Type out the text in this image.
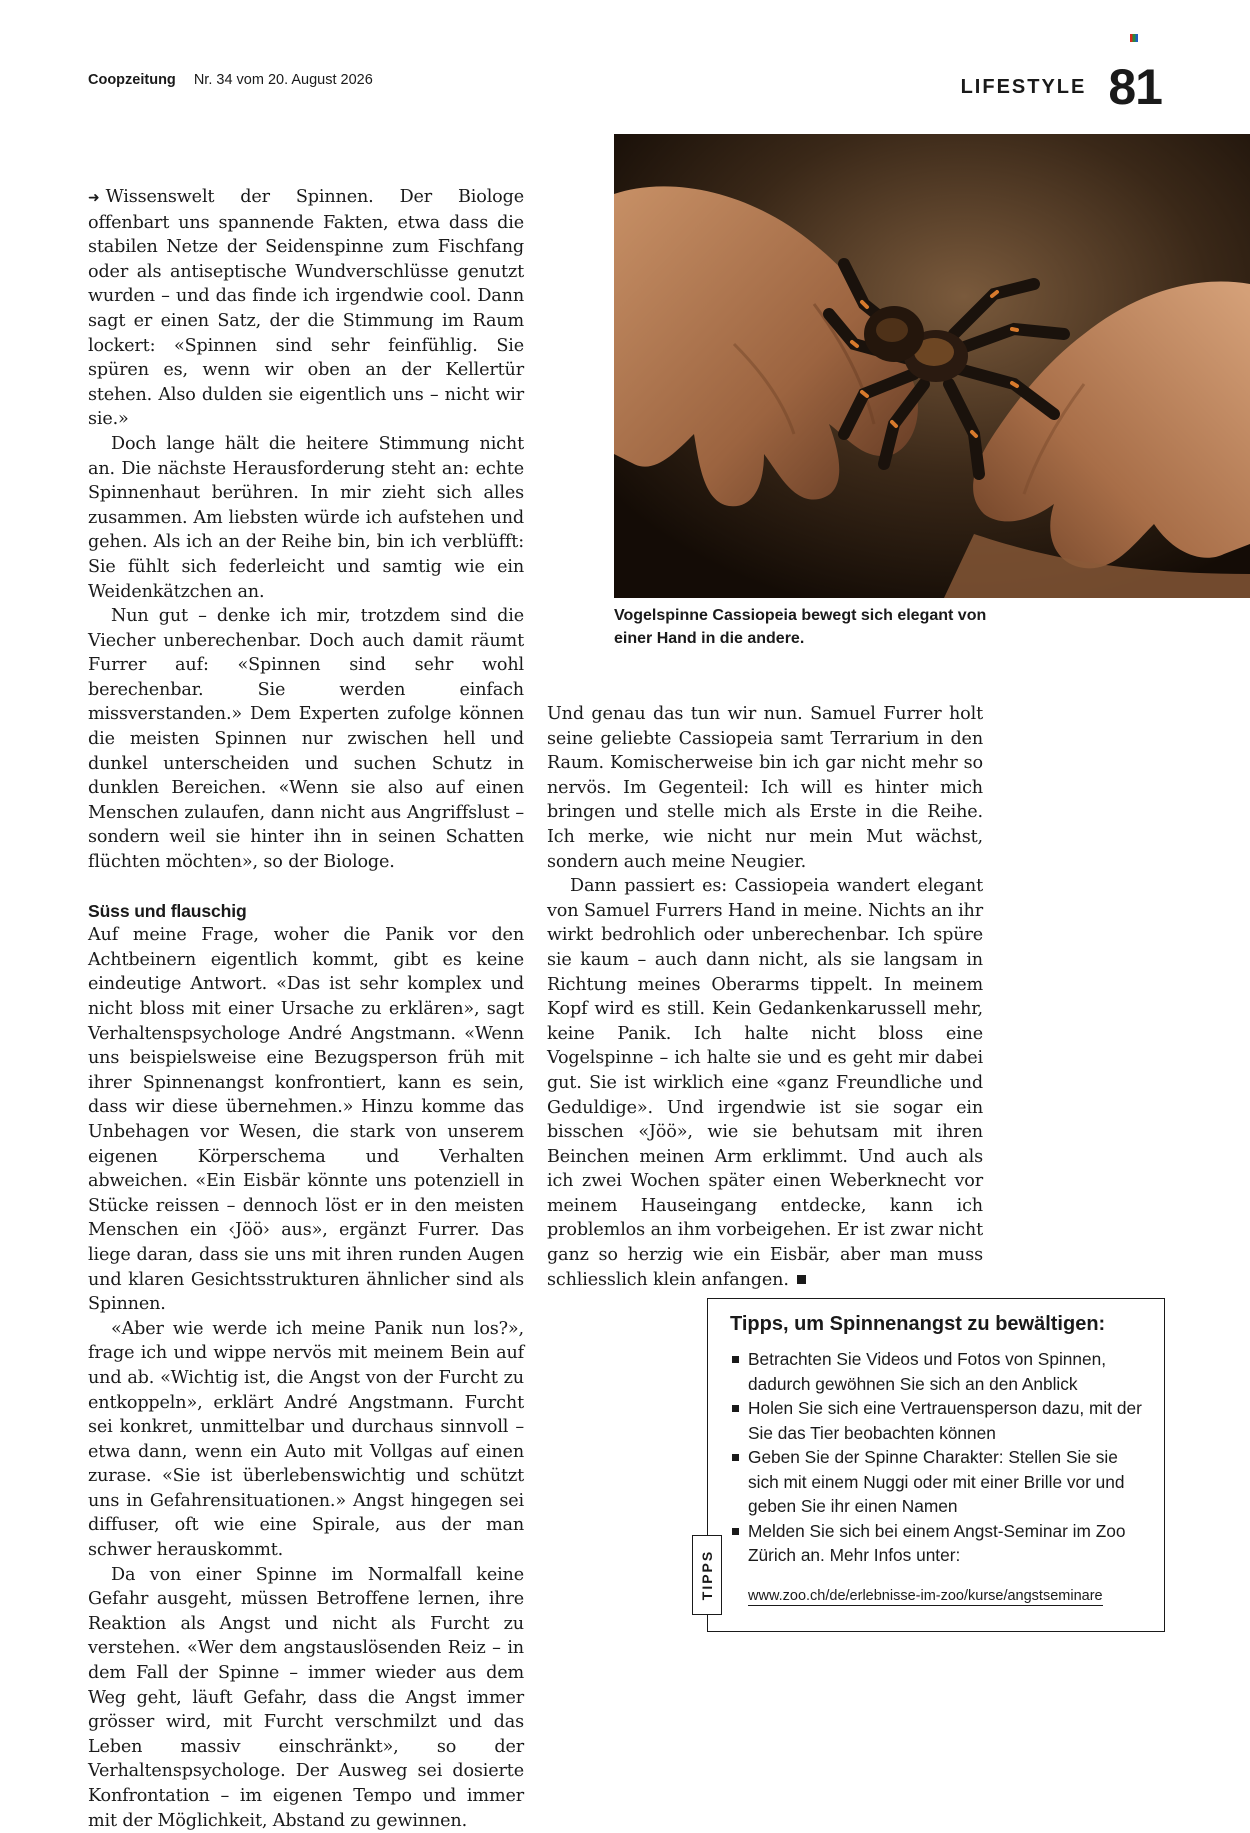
Coopzeitung Nr. 34 vom 20. August 2026	LIFESTYLE 81

➜ Wissenswelt der Spinnen. Der Biologe offenbart uns spannende Fakten, etwa dass die stabilen Netze der Seidenspinne zum Fischfang oder als antiseptische Wundverschlüsse genutzt wurden – und das finde ich irgendwie cool. Dann sagt er einen Satz, der die Stimmung im Raum lockert: «Spinnen sind sehr feinfühlig. Sie spüren es, wenn wir oben an der Kellertür stehen. Also dulden sie eigentlich uns – nicht wir sie.»

Doch lange hält die heitere Stimmung nicht an. Die nächste Herausforderung steht an: echte Spinnenhaut berühren. In mir zieht sich alles zusammen. Am liebsten würde ich aufstehen und gehen. Als ich an der Reihe bin, bin ich verblüfft: Sie fühlt sich federleicht und samtig wie ein Weidenkätzchen an.

Nun gut – denke ich mir, trotzdem sind die Viecher unberechenbar. Doch auch damit räumt Furrer auf: «Spinnen sind sehr wohl berechenbar. Sie werden einfach missverstanden.» Dem Experten zufolge können die meisten Spinnen nur zwischen hell und dunkel unterscheiden und suchen Schutz in dunklen Bereichen. «Wenn sie also auf einen Menschen zulaufen, dann nicht aus Angriffslust – sondern weil sie hinter ihn in seinen Schatten flüchten möchten», so der Biologe.

Süss und flauschig

Auf meine Frage, woher die Panik vor den Achtbeinern eigentlich kommt, gibt es keine eindeutige Antwort. «Das ist sehr komplex und nicht bloss mit einer Ursache zu erklären», sagt Verhaltenspsychologe André Angstmann. «Wenn uns beispielsweise eine Bezugsperson früh mit ihrer Spinnenangst konfrontiert, kann es sein, dass wir diese übernehmen.» Hinzu komme das Unbehagen vor Wesen, die stark von unserem eigenen Körperschema und Verhalten abweichen. «Ein Eisbär könnte uns potenziell in Stücke reissen – dennoch löst er in den meisten Menschen ein ‹Jöö› aus», ergänzt Furrer. Das liege daran, dass sie uns mit ihren runden Augen und klaren Gesichtsstrukturen ähnlicher sind als Spinnen.

«Aber wie werde ich meine Panik nun los?», frage ich und wippe nervös mit meinem Bein auf und ab. «Wichtig ist, die Angst von der Furcht zu entkoppeln», erklärt André Angstmann. Furcht sei konkret, unmittelbar und durchaus sinnvoll – etwa dann, wenn ein Auto mit Vollgas auf einen zurase. «Sie ist überlebenswichtig und schützt uns in Gefahrensituationen.» Angst hingegen sei diffuser, oft wie eine Spirale, aus der man schwer herauskommt.

Da von einer Spinne im Normalfall keine Gefahr ausgeht, müssen Betroffene lernen, ihre Reaktion als Angst und nicht als Furcht zu verstehen. «Wer dem angstauslösenden Reiz – in dem Fall der Spinne – immer wieder aus dem Weg geht, läuft Gefahr, dass die Angst immer grösser wird, mit Furcht verschmilzt und das Leben massiv einschränkt», so der Verhaltenspsychologe. Der Ausweg sei dosierte Konfrontation – im eigenen Tempo und immer mit der Möglichkeit, Abstand zu gewinnen.

Vogelspinne Cassiopeia bewegt sich elegant von einer Hand in die andere.

Und genau das tun wir nun. Samuel Furrer holt seine geliebte Cassiopeia samt Terrarium in den Raum. Komischerweise bin ich gar nicht mehr so nervös. Im Gegenteil: Ich will es hinter mich bringen und stelle mich als Erste in die Reihe. Ich merke, wie nicht nur mein Mut wächst, sondern auch meine Neugier.

Dann passiert es: Cassiopeia wandert elegant von Samuel Furrers Hand in meine. Nichts an ihr wirkt bedrohlich oder unberechenbar. Ich spüre sie kaum – auch dann nicht, als sie langsam in Richtung meines Oberarms tippelt. In meinem Kopf wird es still. Kein Gedankenkarussell mehr, keine Panik. Ich halte nicht bloss eine Vogelspinne – ich halte sie und es geht mir dabei gut. Sie ist wirklich eine «ganz Freundliche und Geduldige». Und irgendwie ist sie sogar ein bisschen «Jöö», wie sie behutsam mit ihren Beinchen meinen Arm erklimmt. Und auch als ich zwei Wochen später einen Weberknecht vor meinem Hauseingang entdecke, kann ich problemlos an ihm vorbeigehen. Er ist zwar nicht ganz so herzig wie ein Eisbär, aber man muss schliesslich klein anfangen.

Tipps, um Spinnenangst zu bewältigen:
Betrachten Sie Videos und Fotos von Spinnen, dadurch gewöhnen Sie sich an den Anblick
Holen Sie sich eine Vertrauensperson dazu, mit der Sie das Tier beobachten können
Geben Sie der Spinne Charakter: Stellen Sie sie sich mit einem Nuggi oder mit einer Brille vor und geben Sie ihr einen Namen
Melden Sie sich bei einem Angst-Seminar im Zoo Zürich an. Mehr Infos unter:
www.zoo.ch/de/erlebnisse-im-zoo/kurse/angstseminare
TIPPS
